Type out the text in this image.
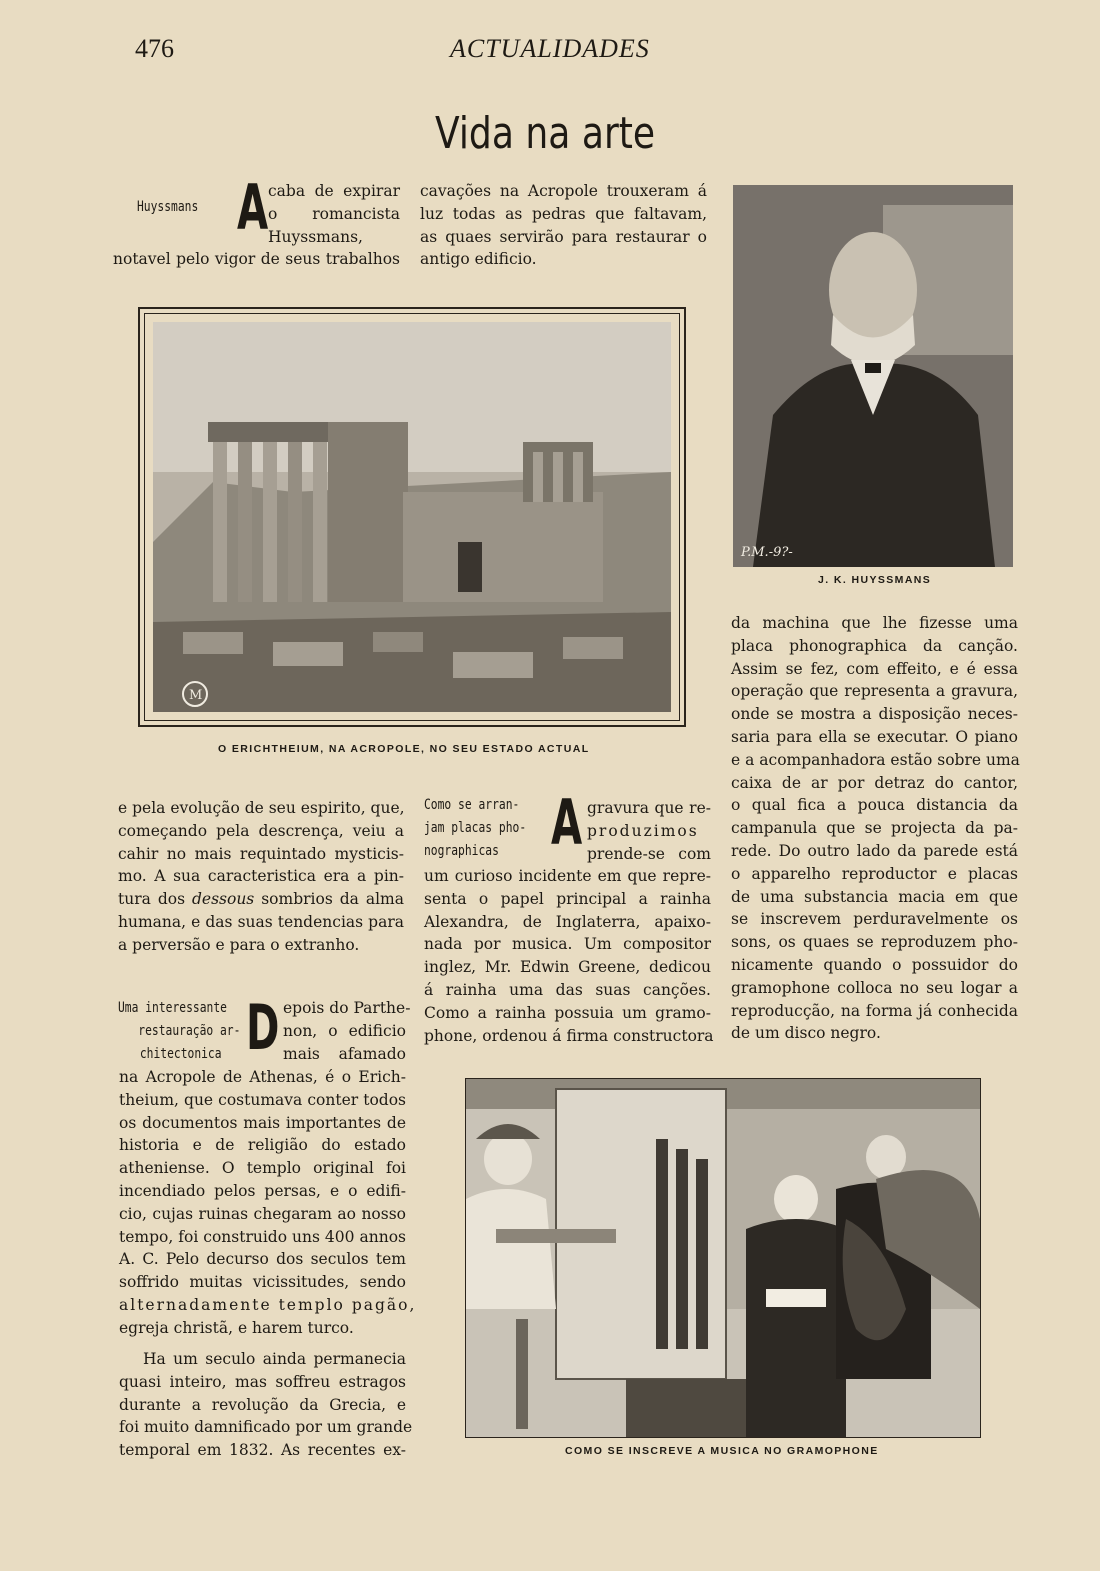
476	ACTUALIDADES
Vida na arte
Huyssmans A caba de expirar
o romancista
Huyssmans,
notavel pelo vigor de seus trabalhos
cavações na Acropole trouxeram á
luz todas as pedras que faltavam,
as quaes servirão para restaurar o
antigo edificio.
P.M.-9?-
J. K. HUYSSMANS
M
O ERICHTHEIUM, NA ACROPOLE, NO SEU ESTADO ACTUAL
e pela evolução de seu espirito, que,
começando pela descrença, veiu a
cahir no mais requintado mysticis-
mo. A sua caracteristica era a pin-
tura dos dessous sombrios da alma
humana, e das suas tendencias para
a perversão e para o extranho.
Uma interessante
restauração ar-
chitectonica D epois do Parthe-
non, o edificio
mais afamado
na Acropole de Athenas, é o Erich-
theium, que costumava conter todos
os documentos mais importantes de
historia e de religião do estado
atheniense. O templo original foi
incendiado pelos persas, e o edifi-
cio, cujas ruinas chegaram ao nosso
tempo, foi construido uns 400 annos
A. C. Pelo decurso dos seculos tem
soffrido muitas vicissitudes, sendo
alternadamente templo pagão,
egreja christã, e harem turco.
Ha um seculo ainda permanecia
quasi inteiro, mas soffreu estragos
durante a revolução da Grecia, e
foi muito damnificado por um grande
temporal em 1832. As recentes ex-
Como se arran-
jam placas pho-
nographicas A gravura que re-
produzimos
prende-se com
um curioso incidente em que repre-
senta o papel principal a rainha
Alexandra, de Inglaterra, apaixo-
nada por musica. Um compositor
inglez, Mr. Edwin Greene, dedicou
á rainha uma das suas canções.
Como a rainha possuia um gramo-
phone, ordenou á firma constructora
da machina que lhe fizesse uma
placa phonographica da canção.
Assim se fez, com effeito, e é essa
operação que representa a gravura,
onde se mostra a disposição neces-
saria para ella se executar. O piano
e a acompanhadora estão sobre uma
caixa de ar por detraz do cantor,
o qual fica a pouca distancia da
campanula que se projecta da pa-
rede. Do outro lado da parede está
o apparelho reproductor e placas
de uma substancia macia em que
se inscrevem perduravelmente os
sons, os quaes se reproduzem pho-
nicamente quando o possuidor do
gramophone colloca no seu logar a
reproducção, na forma já conhecida
de um disco negro.
COMO SE INSCREVE A MUSICA NO GRAMOPHONE
